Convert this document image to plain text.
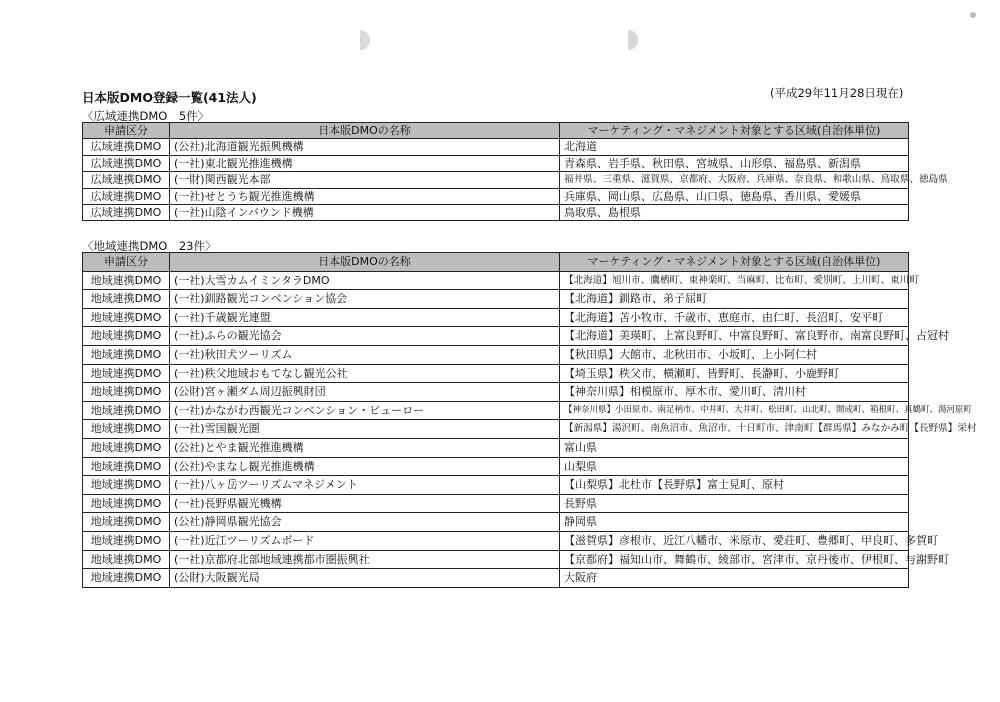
日本版DMO登録一覧(41法人)	(平成29年11月28日現在)
〈広域連携DMO　5件〉
申請区分	日本版DMOの名称	マーケティング・マネジメント対象とする区域(自治体単位)
広域連携DMO	(公社)北海道観光振興機構	北海道
広域連携DMO	(一社)東北観光推進機構	青森県、岩手県、秋田県、宮城県、山形県、福島県、新潟県
広域連携DMO	(一財)関西観光本部	福井県、三重県、滋賀県、京都府、大阪府、兵庫県、奈良県、和歌山県、鳥取県、徳島県
広域連携DMO	(一社)せとうち観光推進機構	兵庫県、岡山県、広島県、山口県、徳島県、香川県、愛媛県
広域連携DMO	(一社)山陰インバウンド機構	鳥取県、島根県
〈地域連携DMO　23件〉
申請区分	日本版DMOの名称	マーケティング・マネジメント対象とする区域(自治体単位)
地域連携DMO	(一社)大雪カムイミンタラDMO	【北海道】旭川市、鷹栖町、東神楽町、当麻町、比布町、愛別町、上川町、東川町
地域連携DMO	(一社)釧路観光コンベンション協会	【北海道】釧路市、弟子屈町
地域連携DMO	(一社)千歳観光連盟	【北海道】苫小牧市、千歳市、恵庭市、由仁町、長沼町、安平町
地域連携DMO	(一社)ふらの観光協会	【北海道】美瑛町、上富良野町、中富良野町、富良野市、南富良野町、占冠村
地域連携DMO	(一社)秋田犬ツーリズム	【秋田県】大館市、北秋田市、小坂町、上小阿仁村
地域連携DMO	(一社)秩父地域おもてなし観光公社	【埼玉県】秩父市、横瀬町、皆野町、長瀞町、小鹿野町
地域連携DMO	(公財)宮ヶ瀬ダム周辺振興財団	【神奈川県】相模原市、厚木市、愛川町、清川村
地域連携DMO	(一社)かながわ西観光コンベンション・ビューロー	【神奈川県】小田原市、南足柄市、中井町、大井町、松田町、山北町、開成町、箱根町、真鶴町、湯河原町
地域連携DMO	(一社)雪国観光圏	【新潟県】湯沢町、南魚沼市、魚沼市、十日町市、津南町【群馬県】みなかみ町【長野県】栄村
地域連携DMO	(公社)とやま観光推進機構	富山県
地域連携DMO	(公社)やまなし観光推進機構	山梨県
地域連携DMO	(一社)八ヶ岳ツーリズムマネジメント	【山梨県】北杜市【長野県】富士見町、原村
地域連携DMO	(一社)長野県観光機構	長野県
地域連携DMO	(公社)静岡県観光協会	静岡県
地域連携DMO	(一社)近江ツーリズムボード	【滋賀県】彦根市、近江八幡市、米原市、愛荘町、豊郷町、甲良町、多賀町
地域連携DMO	(一社)京都府北部地域連携都市圏振興社	【京都府】福知山市、舞鶴市、綾部市、宮津市、京丹後市、伊根町、与謝野町
地域連携DMO	(公財)大阪観光局	大阪府
